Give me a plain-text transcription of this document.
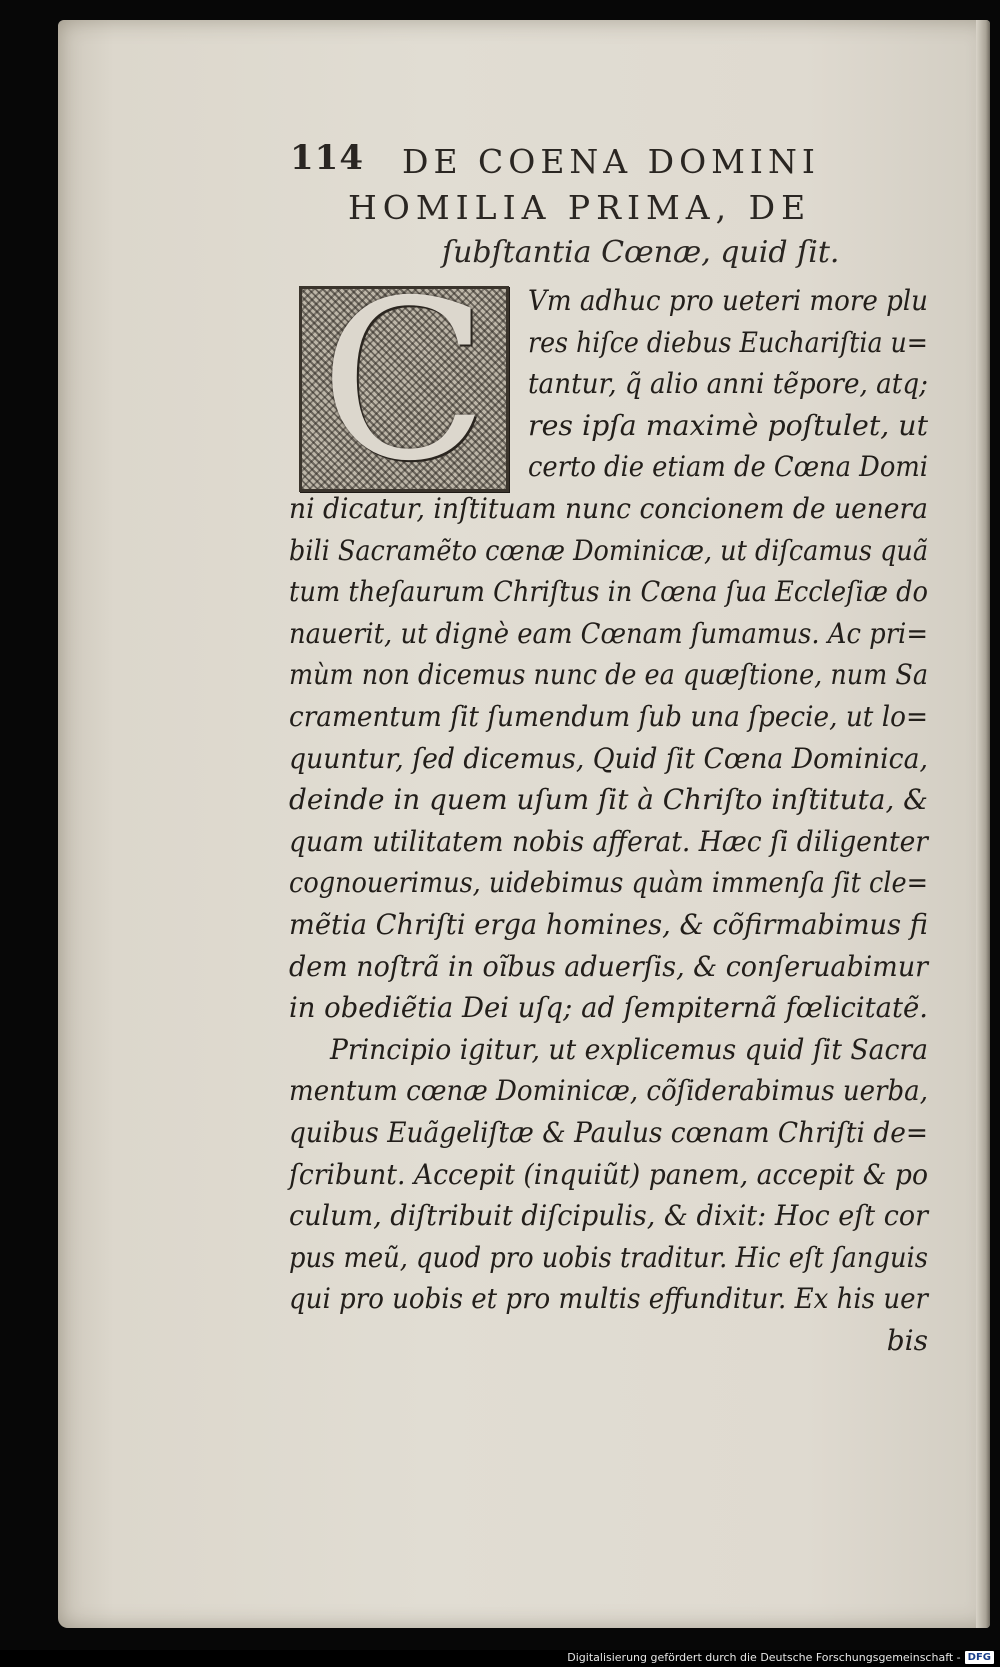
114 DE COENA DOMINI
HOMILIA PRIMA, DE
ſubſtantia Cœnæ, quid ſit.
C	Vm adhuc pro ueteri more plu
res hiſce diebus Euchariſtia u=
tantur, q̃ alio anni tẽpore, atq;
res ipſa maximè poſtulet, ut
certo die etiam de Cœna Domi
ni dicatur, inſtituam nunc concionem de uenera
bili Sacramẽto cœnæ Dominicæ, ut diſcamus quã
tum theſaurum Chriſtus in Cœna ſua Eccleſiæ do
nauerit, ut dignè eam Cœnam ſumamus. Ac pri=
mùm non dicemus nunc de ea quæſtione, num Sa
cramentum ſit ſumendum ſub una ſpecie, ut lo=
quuntur, ſed dicemus, Quid ſit Cœna Dominica,
deinde in quem uſum ſit à Chriſto inſtituta, &
quam utilitatem nobis afferat. Hæc ſi diligenter
cognouerimus, uidebimus quàm immenſa ſit cle=
mẽtia Chriſti erga homines, & cõfirmabimus fi
dem noſtrã in oĩbus aduerſis, & conſeruabimur
in obediẽtia Dei uſq; ad ſempiternã fœlicitatẽ.
Principio igitur, ut explicemus quid ſit Sacra
mentum cœnæ Dominicæ, cõſiderabimus uerba,
quibus Euãgeliſtæ & Paulus cœnam Chriſti de=
ſcribunt. Accepit (inquiũt) panem, accepit & po
culum, diſtribuit diſcipulis, & dixit: Hoc eſt cor
pus meũ, quod pro uobis traditur. Hic eſt ſanguis
qui pro uobis et pro multis effunditur. Ex his uer
bis
Digitalisierung gefördert durch die Deutsche Forschungsgemeinschaft - DFG
